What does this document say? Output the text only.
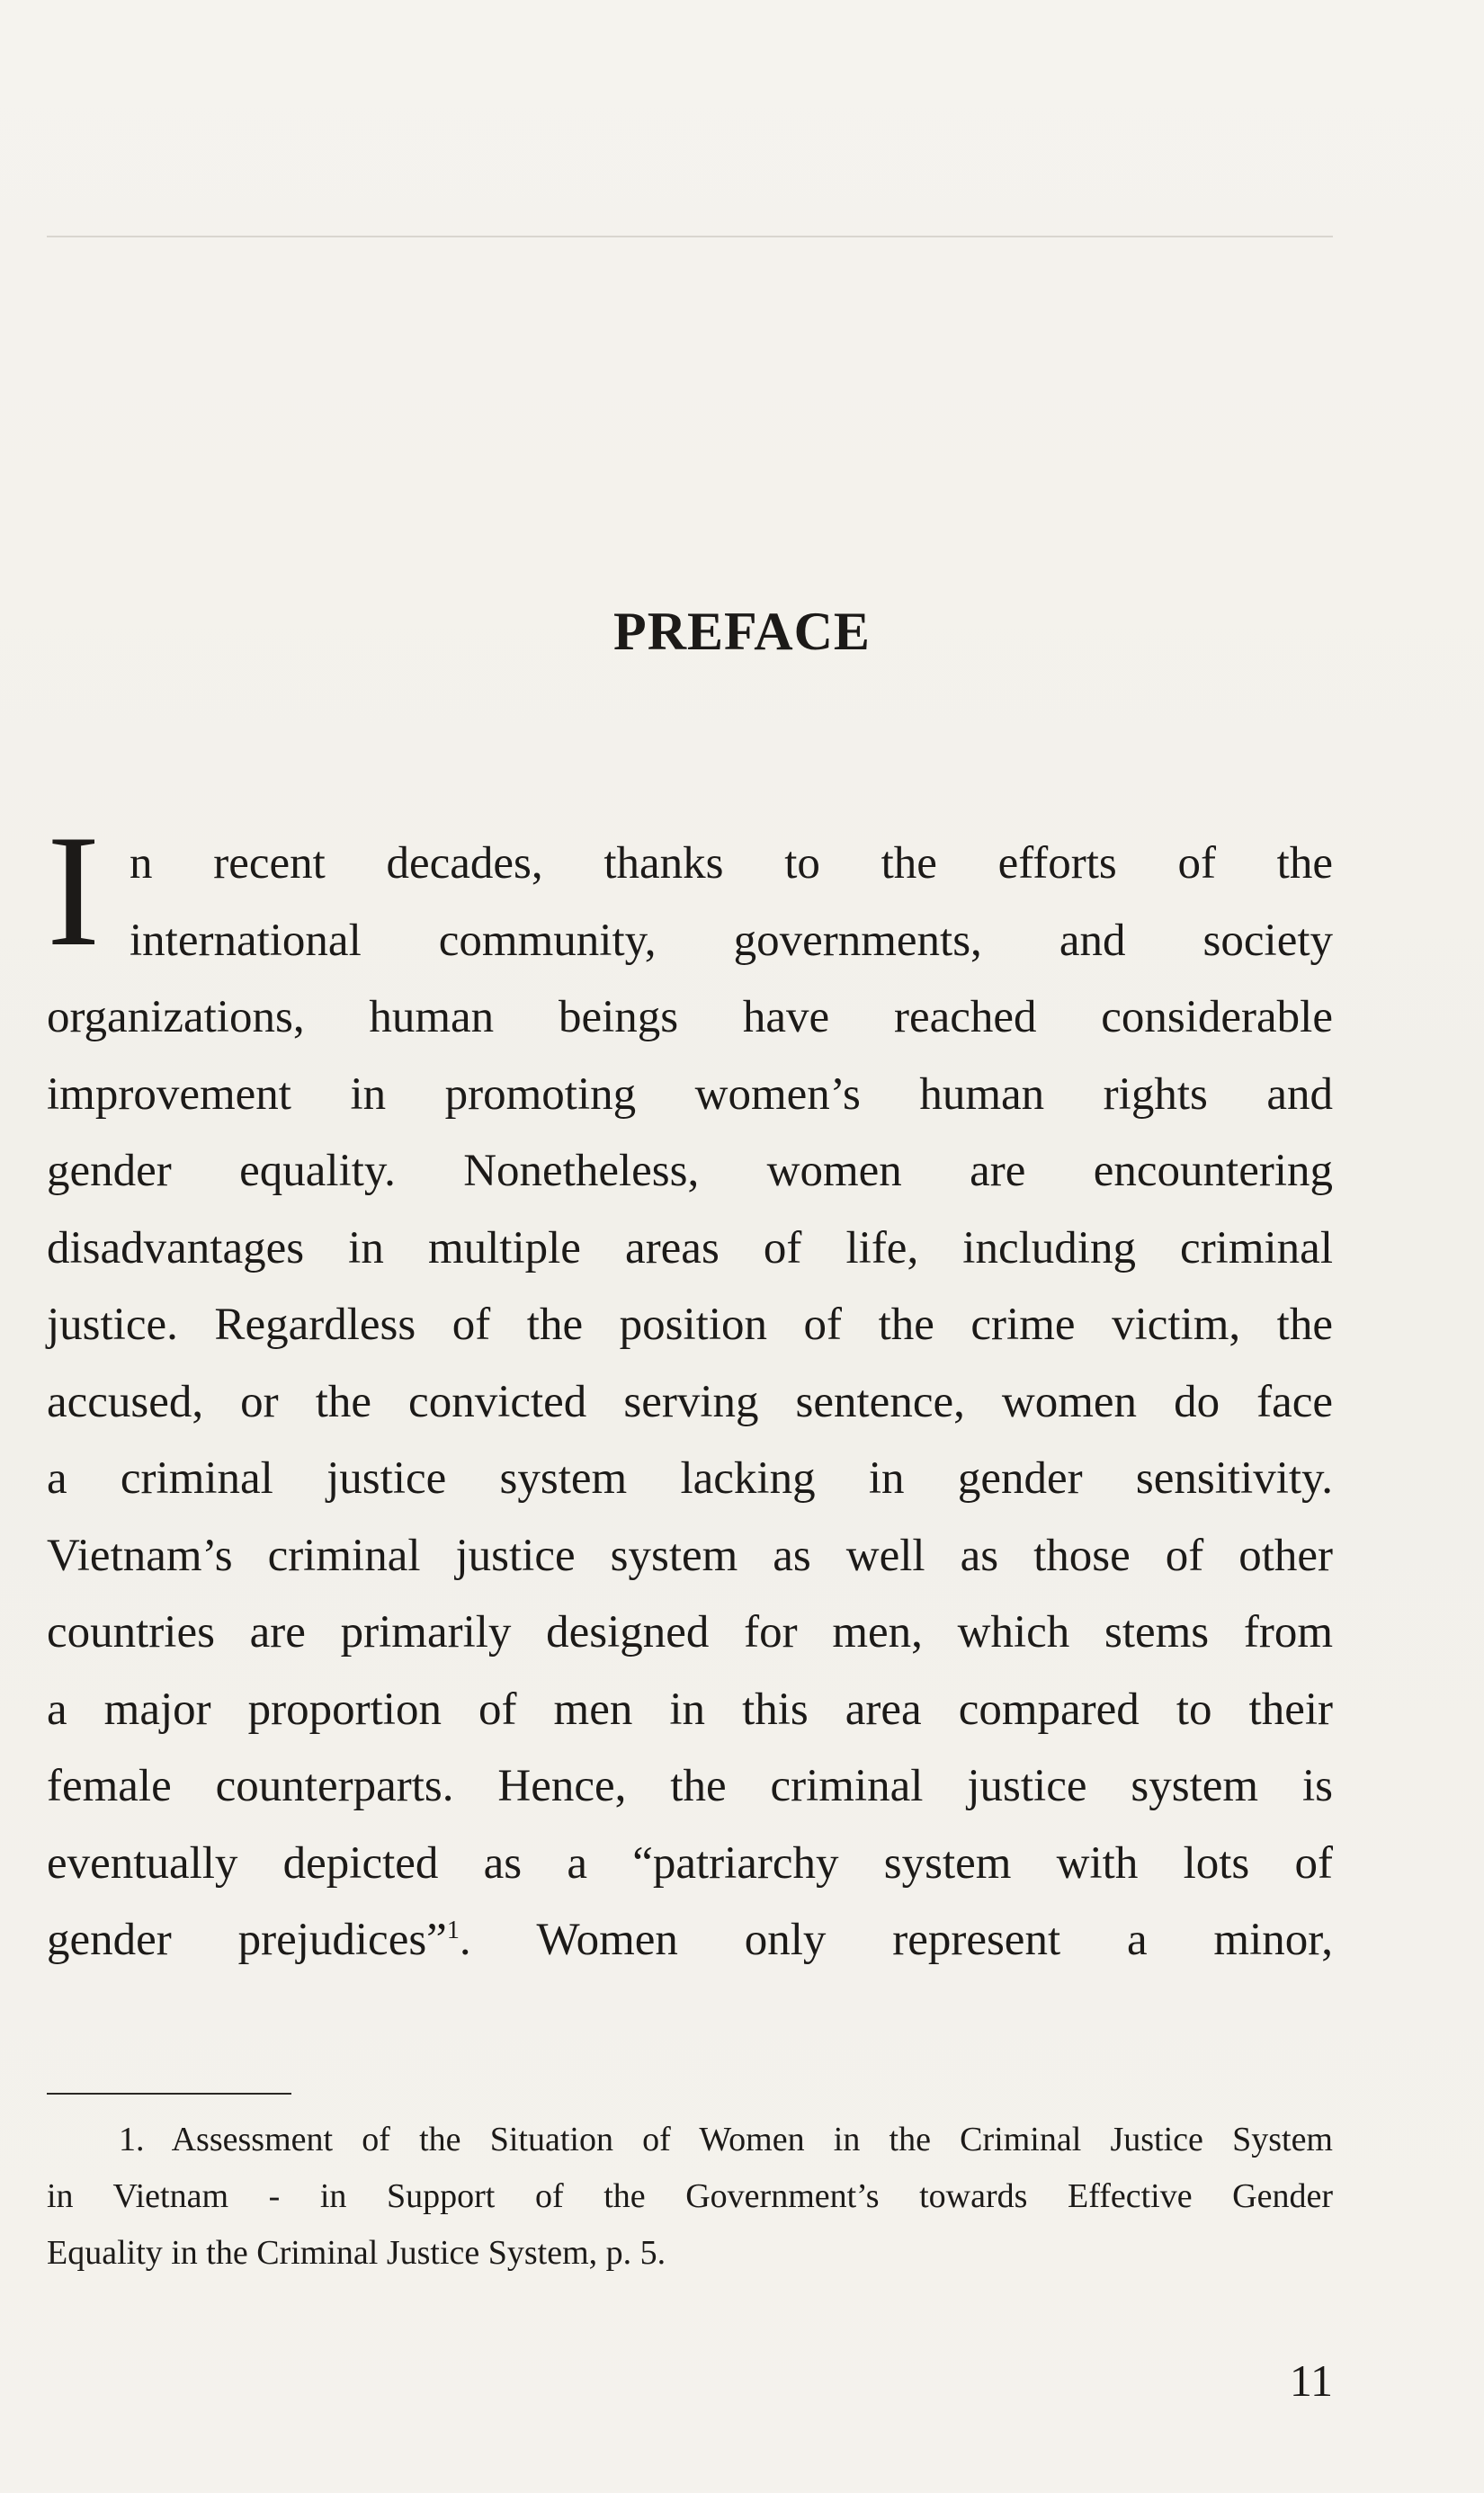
PREFACE
I n recent decades, thanks to the efforts of the
international community, governments, and society
organizations, human beings have reached considerable
improvement in promoting women’s human rights and
gender equality. Nonetheless, women are encountering
disadvantages in multiple areas of life, including criminal
justice. Regardless of the position of the crime victim, the
accused, or the convicted serving sentence, women do face
a criminal justice system lacking in gender sensitivity.
Vietnam’s criminal justice system as well as those of other
countries are primarily designed for men, which stems from
a major proportion of men in this area compared to their
female counterparts. Hence, the criminal justice system is
eventually depicted as a “patriarchy system with lots of
gender prejudices”$^1$. Women only represent a minor,
1. Assessment of the Situation of Women in the Criminal Justice System
in Vietnam - in Support of the Government’s towards Effective Gender
Equality in the Criminal Justice System, p. 5.
11
